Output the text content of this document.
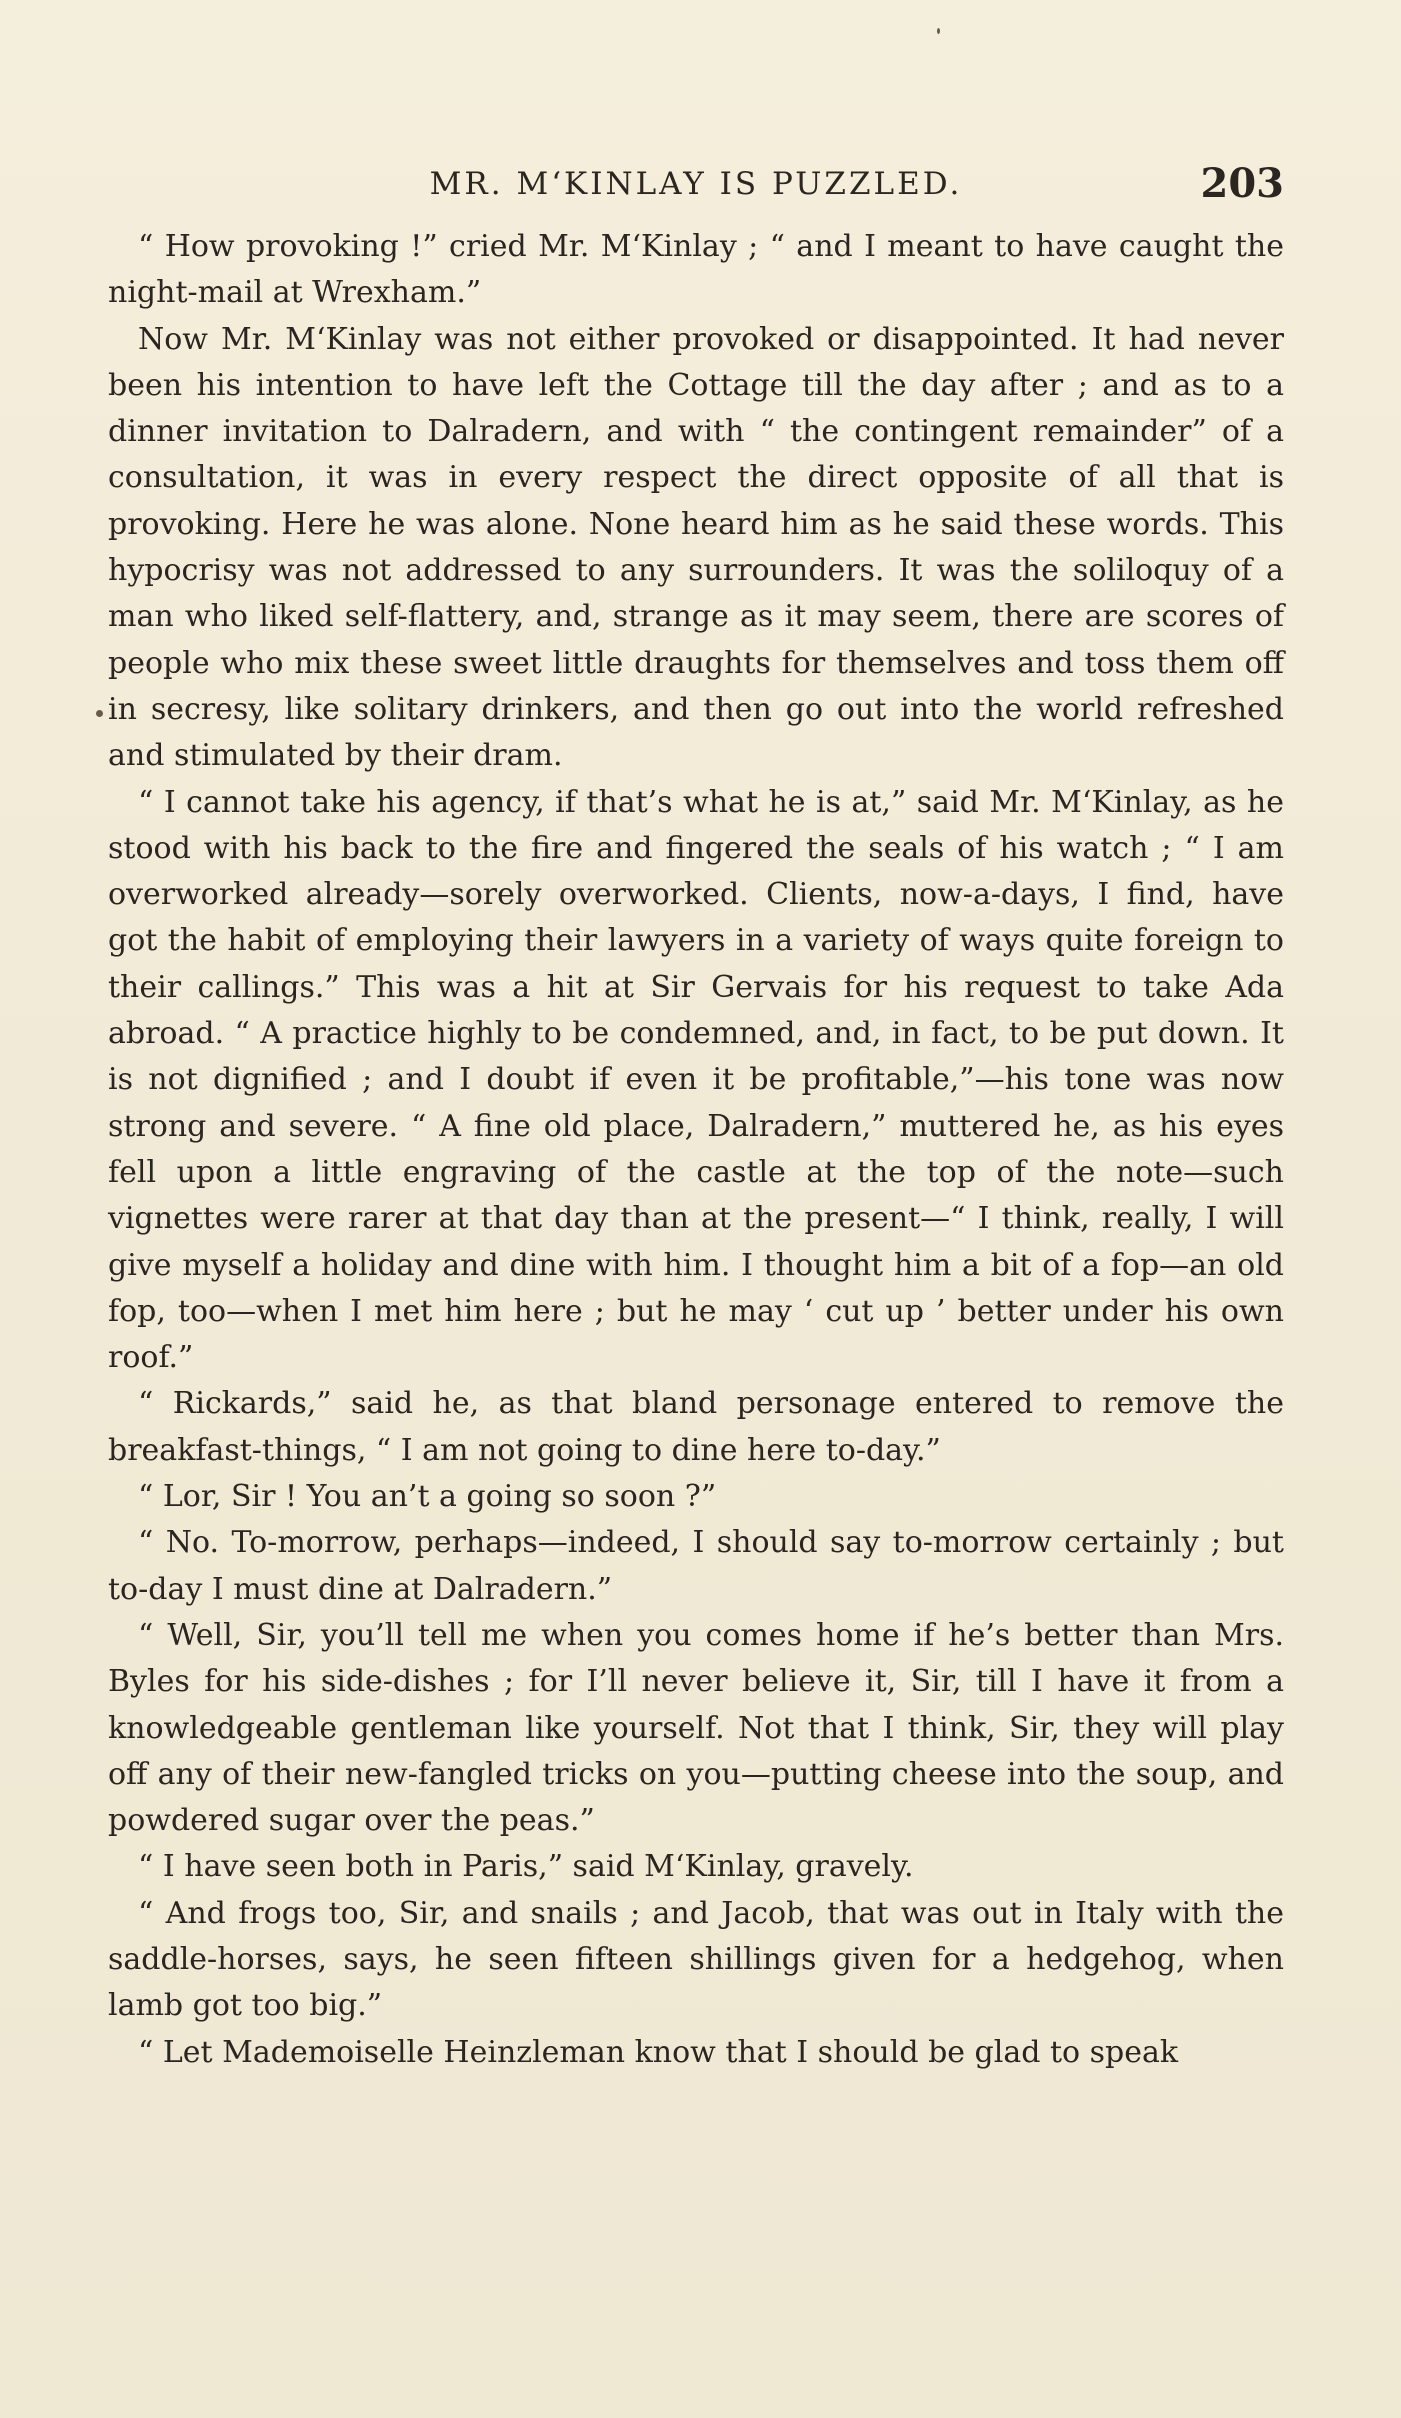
MR. M‘KINLAY IS PUZZLED.	203

“ How provoking !” cried Mr. M‘Kinlay ; “ and I meant to have caught the night-mail at Wrexham.”

Now Mr. M‘Kinlay was not either provoked or disappointed. It had never been his intention to have left the Cottage till the day after ; and as to a dinner invitation to Dalradern, and with “ the contingent remainder” of a consultation, it was in every respect the direct opposite of all that is provoking. Here he was alone. None heard him as he said these words. This hypocrisy was not addressed to any surrounders. It was the soliloquy of a man who liked self-flattery, and, strange as it may seem, there are scores of people who mix these sweet little draughts for themselves and toss them off in secresy, like solitary drinkers, and then go out into the world refreshed and stimulated by their dram.

“ I cannot take his agency, if that’s what he is at,” said Mr. M‘Kinlay, as he stood with his back to the fire and fingered the seals of his watch ; “ I am overworked already—sorely overworked. Clients, now-a-days, I find, have got the habit of employing their lawyers in a variety of ways quite foreign to their callings.” This was a hit at Sir Gervais for his request to take Ada abroad. “ A practice highly to be condemned, and, in fact, to be put down. It is not dignified ; and I doubt if even it be profitable,”—his tone was now strong and severe. “ A fine old place, Dalradern,” muttered he, as his eyes fell upon a little engraving of the castle at the top of the note—such vignettes were rarer at that day than at the present—“ I think, really, I will give myself a holiday and dine with him. I thought him a bit of a fop—an old fop, too—when I met him here ; but he may ‘ cut up ’ better under his own roof.”

“ Rickards,” said he, as that bland personage entered to remove the breakfast-things, “ I am not going to dine here to-day.”

“ Lor, Sir ! You an’t a going so soon ?”

“ No. To-morrow, perhaps—indeed, I should say to-morrow certainly ; but to-day I must dine at Dalradern.”

“ Well, Sir, you’ll tell me when you comes home if he’s better than Mrs. Byles for his side-dishes ; for I’ll never believe it, Sir, till I have it from a knowledgeable gentleman like yourself. Not that I think, Sir, they will play off any of their new-fangled tricks on you—putting cheese into the soup, and powdered sugar over the peas.”

“ I have seen both in Paris,” said M‘Kinlay, gravely.

“ And frogs too, Sir, and snails ; and Jacob, that was out in Italy with the saddle-horses, says, he seen fifteen shillings given for a hedgehog, when lamb got too big.”

“ Let Mademoiselle Heinzleman know that I should be glad to speak
